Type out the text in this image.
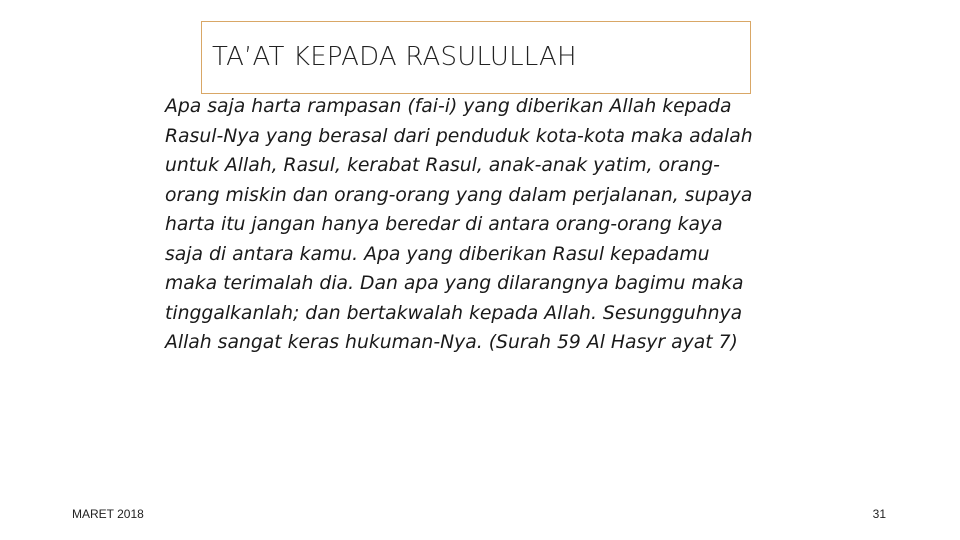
TA’AT KEPADA RASULULLAH
Apa saja harta rampasan (fai-i) yang diberikan Allah kepada
Rasul-Nya yang berasal dari penduduk kota-kota maka adalah
untuk Allah, Rasul, kerabat Rasul, anak-anak yatim, orang-
orang miskin dan orang-orang yang dalam perjalanan, supaya
harta itu jangan hanya beredar di antara orang-orang kaya
saja di antara kamu. Apa yang diberikan Rasul kepadamu
maka terimalah dia. Dan apa yang dilarangnya bagimu maka
tinggalkanlah; dan bertakwalah kepada Allah. Sesungguhnya
Allah sangat keras hukuman-Nya. (Surah 59 Al Hasyr ayat 7)
MARET 2018	31
